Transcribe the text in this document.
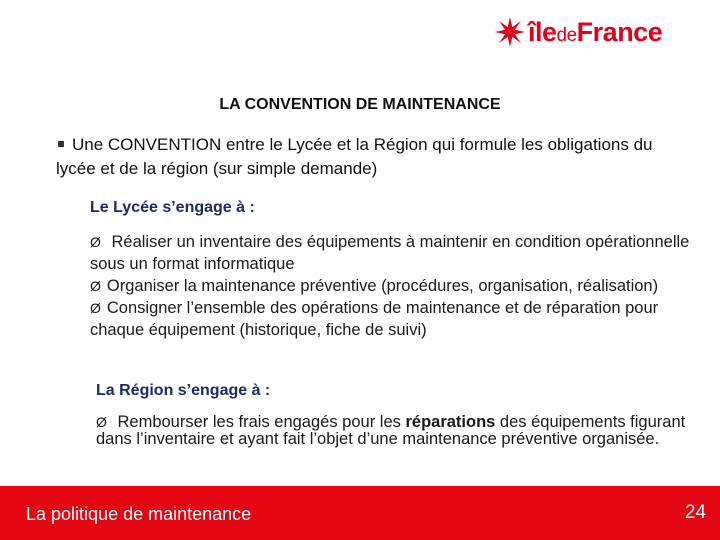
îledeFrance
LA CONVENTION DE MAINTENANCE
Une CONVENTION entre le Lycée et la Région qui formule les obligations du lycée et de la région (sur simple demande)
Le Lycée s’engage à :

Ø Réaliser un inventaire des équipements à maintenir en condition opérationnelle sous un format informatique

Ø Organiser la maintenance préventive (procédures, organisation, réalisation)

Ø Consigner l’ensemble des opérations de maintenance et de réparation pour chaque équipement (historique, fiche de suivi)

La Région s’engage à :

Ø Rembourser les frais engagés pour les réparations des équipements figurant dans l’inventaire et ayant fait l’objet d’une maintenance préventive organisée.

La politique de maintenance	24
